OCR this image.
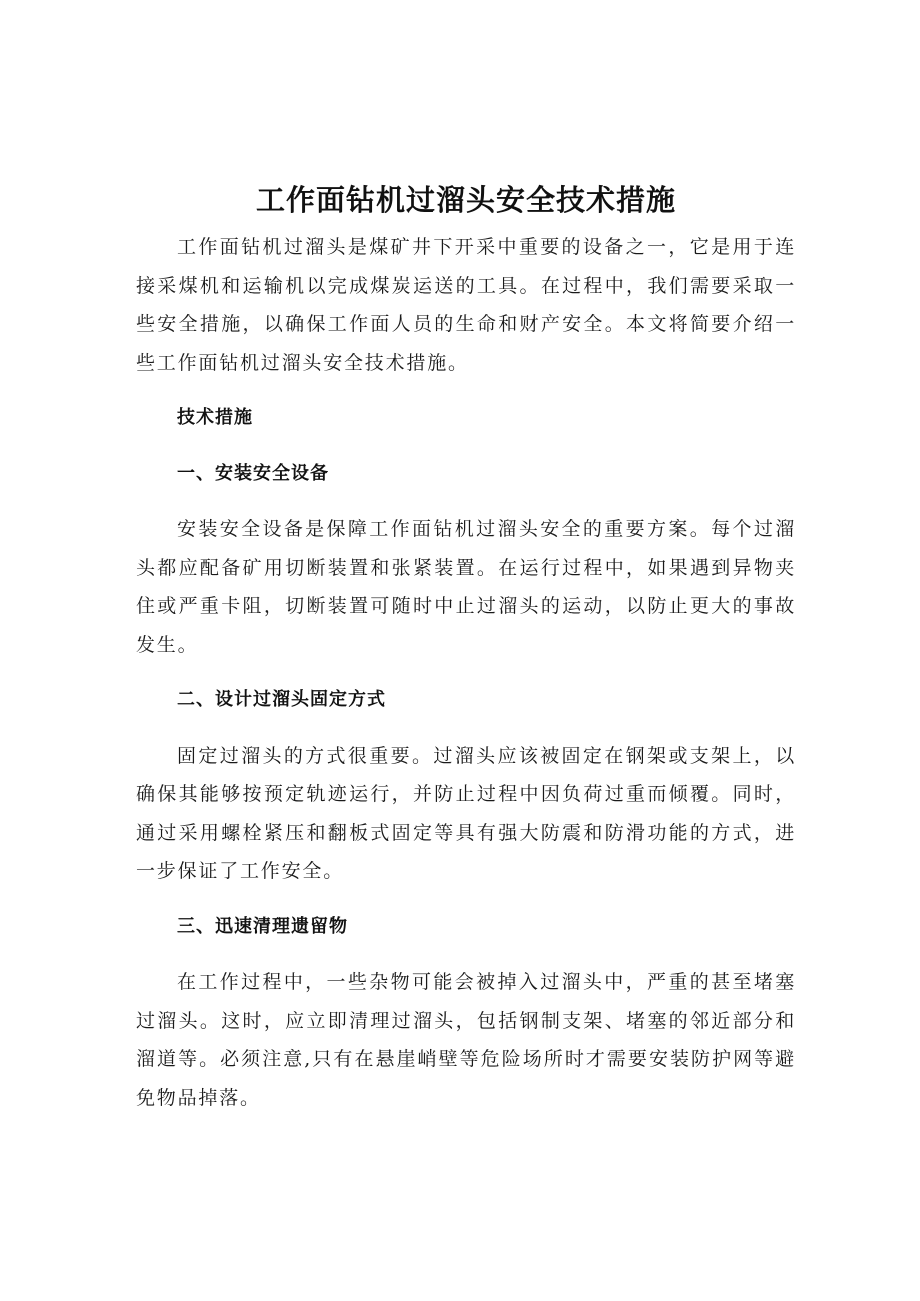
工作面钻机过溜头安全技术措施

工作面钻机过溜头是煤矿井下开采中重要的设备之一，它是用于连接采煤机和运输机以完成煤炭运送的工具。在过程中，我们需要采取一些安全措施，以确保工作面人员的生命和财产安全。本文将简要介绍一些工作面钻机过溜头安全技术措施。

技术措施
一、安装安全设备

安装安全设备是保障工作面钻机过溜头安全的重要方案。每个过溜头都应配备矿用切断装置和张紧装置。在运行过程中，如果遇到异物夹住或严重卡阻，切断装置可随时中止过溜头的运动，以防止更大的事故发生。

二、设计过溜头固定方式

固定过溜头的方式很重要。过溜头应该被固定在钢架或支架上，以确保其能够按预定轨迹运行，并防止过程中因负荷过重而倾覆。同时，通过采用螺栓紧压和翻板式固定等具有强大防震和防滑功能的方式，进一步保证了工作安全。

三、迅速清理遗留物

在工作过程中，一些杂物可能会被掉入过溜头中，严重的甚至堵塞过溜头。这时，应立即清理过溜头，包括钢制支架、堵塞的邻近部分和溜道等。必须注意,只有在悬崖峭壁等危险场所时才需要安装防护网等避免物品掉落。
